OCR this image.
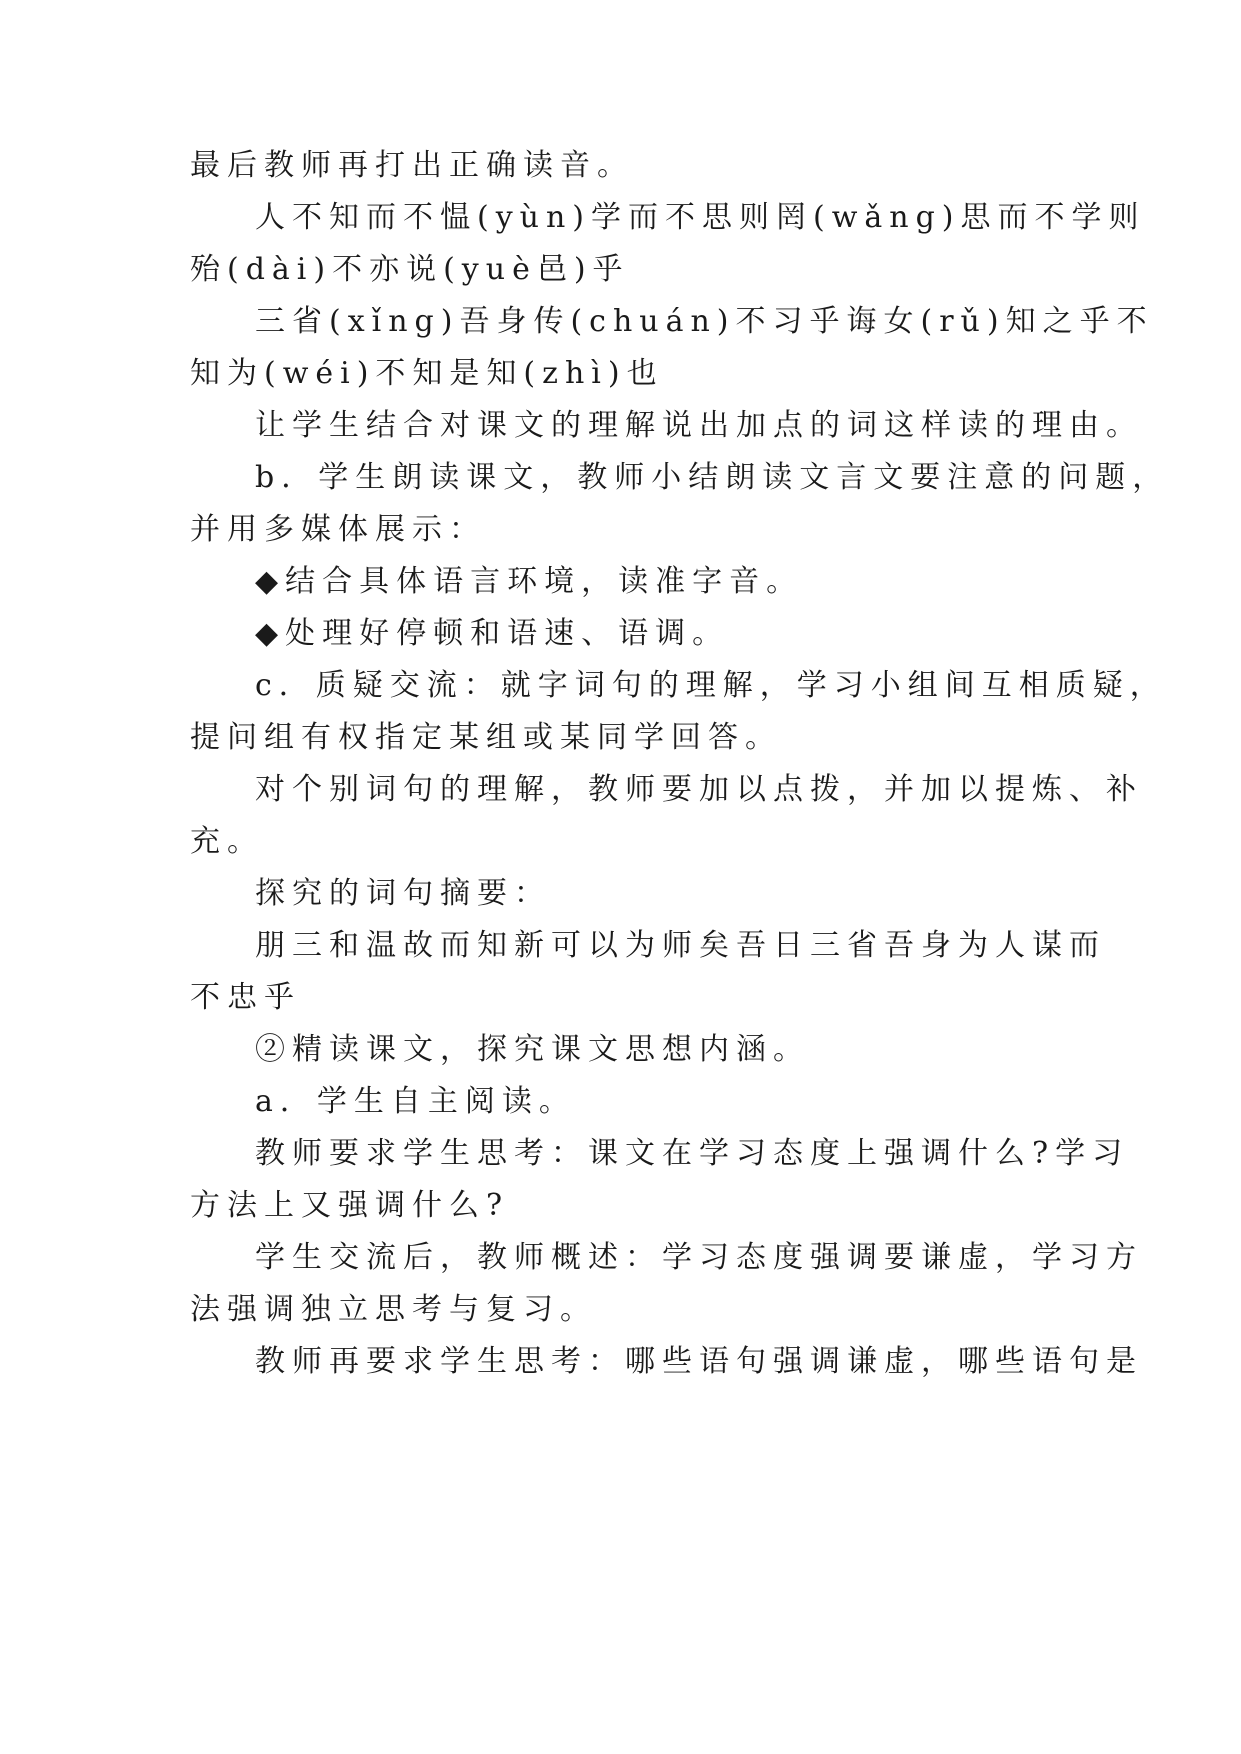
最后教师再打出正确读音。
人不知而不愠(yùn)学而不思则罔(wǎng)思而不学则
殆(dài)不亦说(yuè邑)乎
三省(xǐng)吾身传(chuán)不习乎诲女(rǔ)知之乎不
知为(wéi)不知是知(zhì)也
让学生结合对课文的理解说出加点的词这样读的理由。
b．学生朗读课文，教师小结朗读文言文要注意的问题，
并用多媒体展示：
◆结合具体语言环境，读准字音。
◆处理好停顿和语速、语调。
c．质疑交流：就字词句的理解，学习小组间互相质疑，
提问组有权指定某组或某同学回答。
对个别词句的理解，教师要加以点拨，并加以提炼、补
充。
探究的词句摘要：
朋三和温故而知新可以为师矣吾日三省吾身为人谋而
不忠乎
②精读课文，探究课文思想内涵。
a．学生自主阅读。
教师要求学生思考：课文在学习态度上强调什么?学习
方法上又强调什么?
学生交流后，教师概述：学习态度强调要谦虚，学习方
法强调独立思考与复习。
教师再要求学生思考：哪些语句强调谦虚，哪些语句是
